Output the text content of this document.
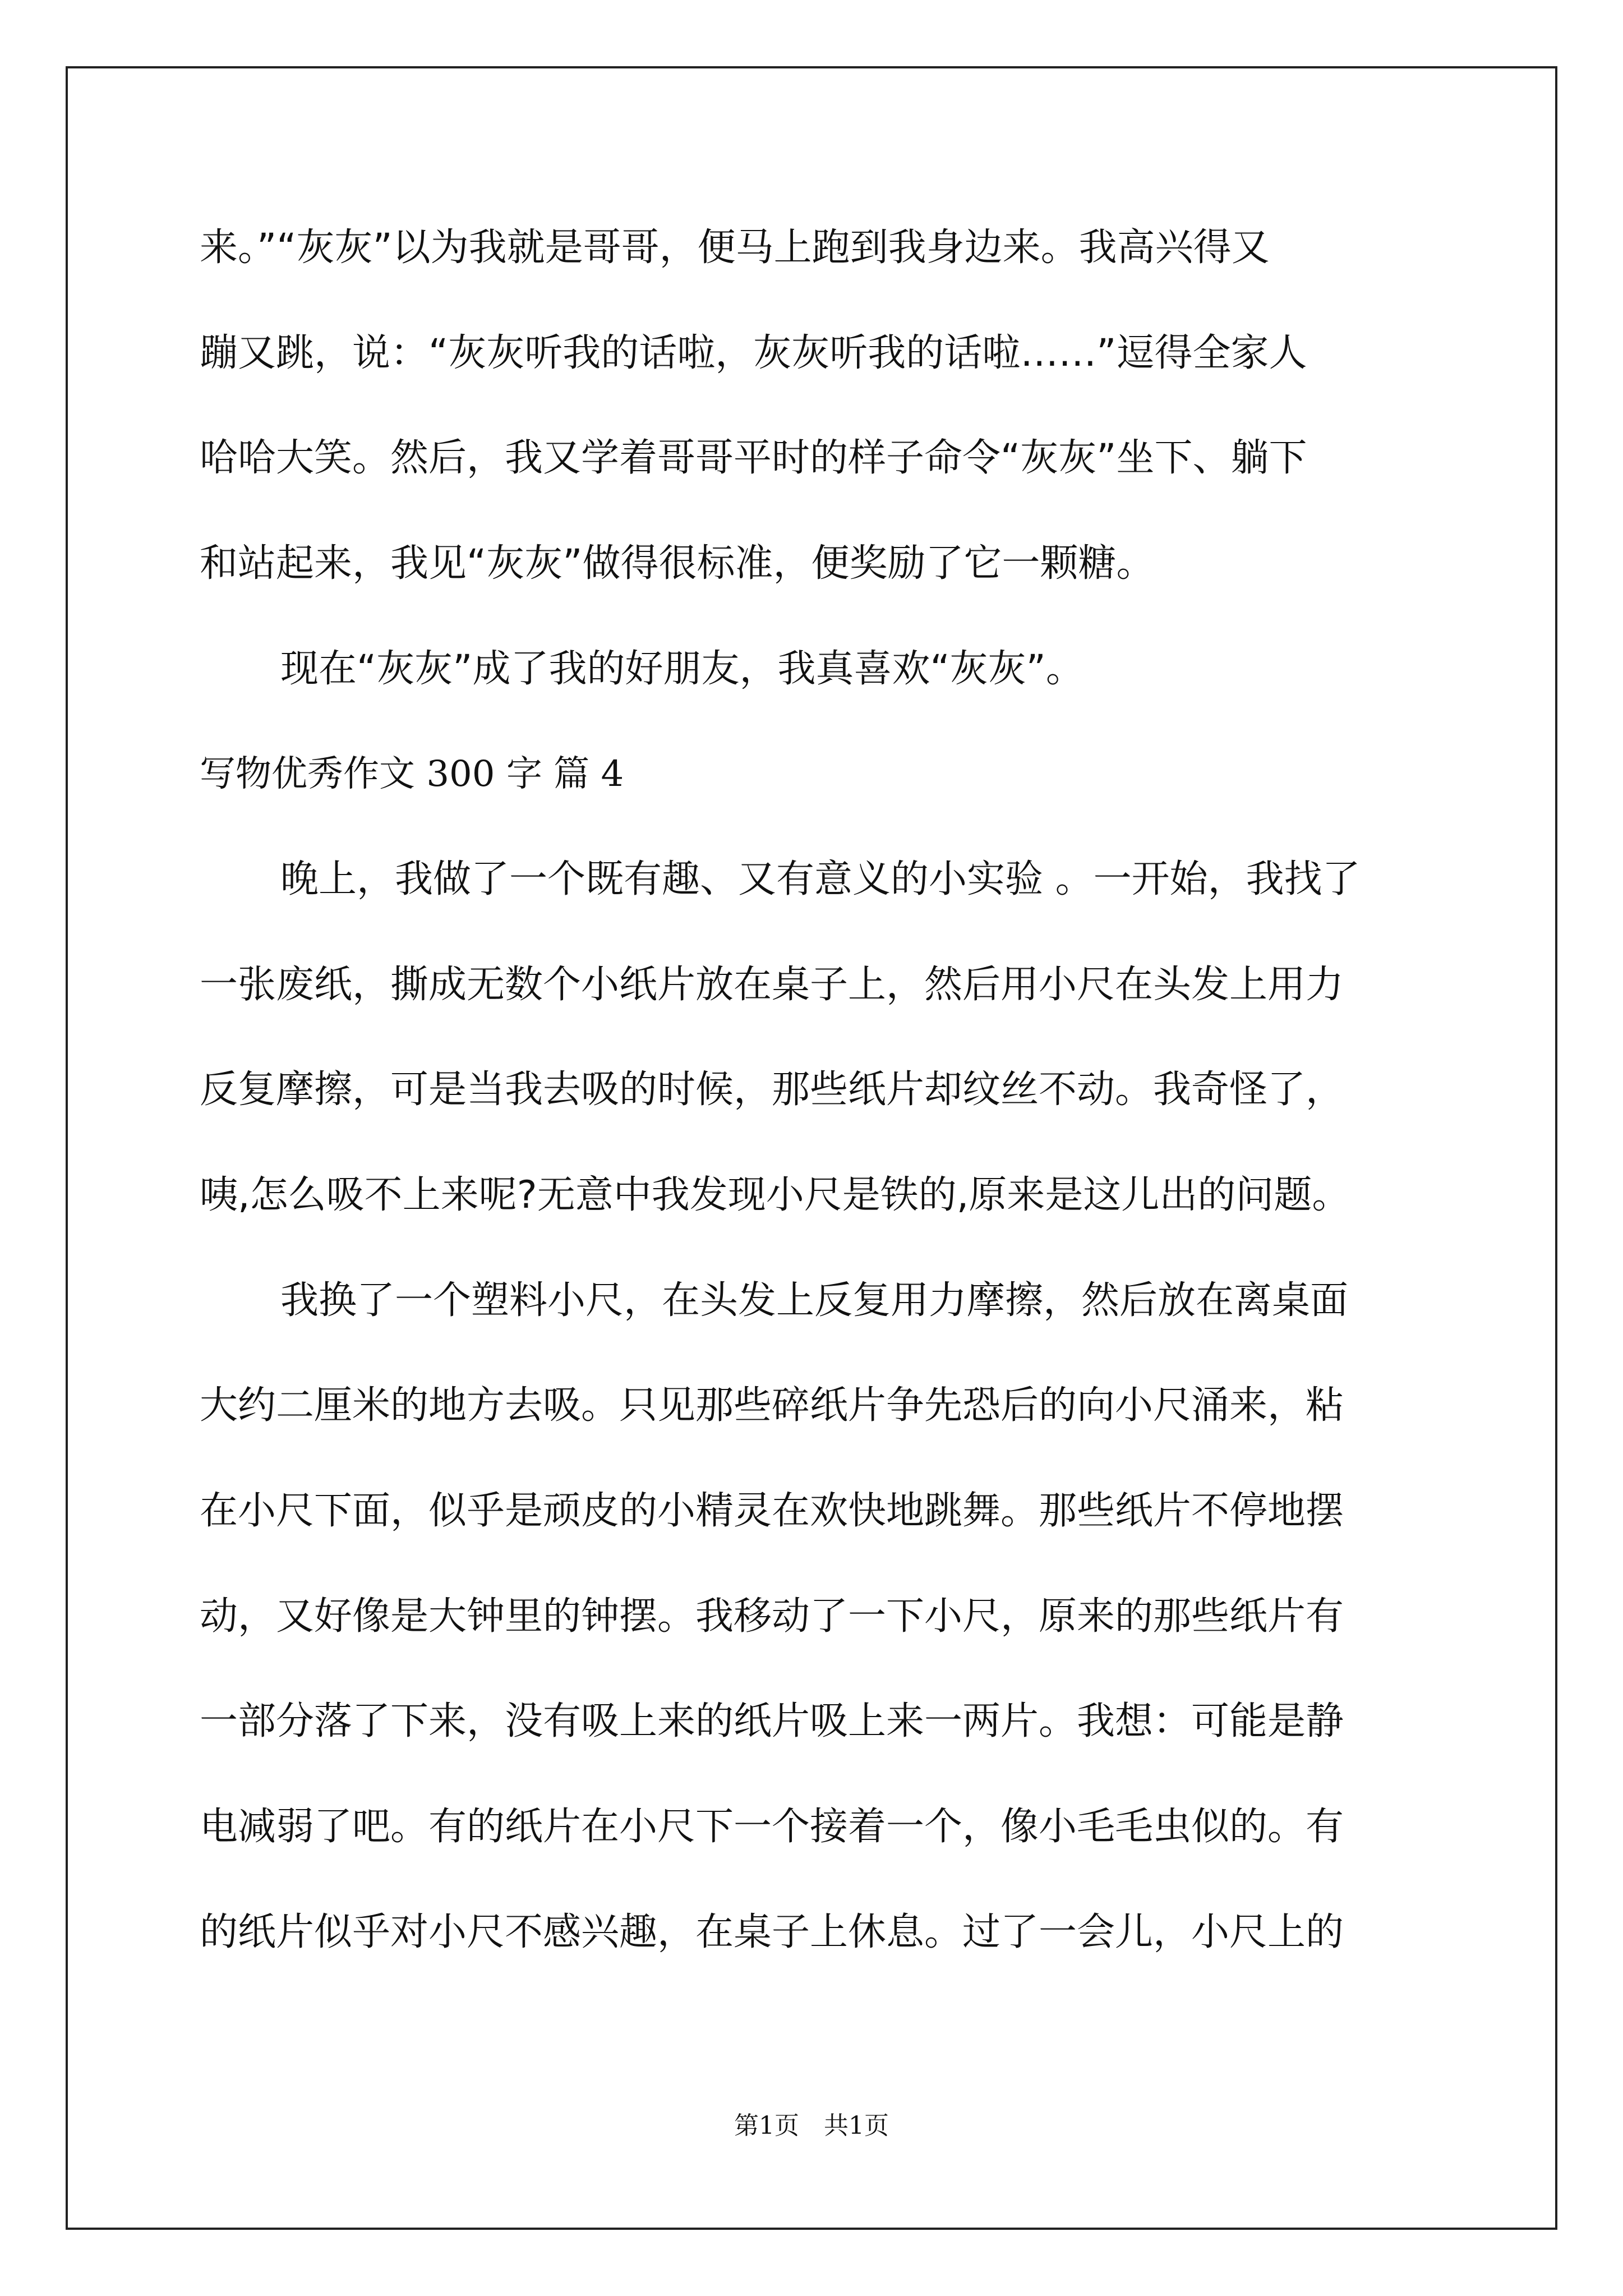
来。”“灰灰”以为我就是哥哥，便马上跑到我身边来。我高兴得又
蹦又跳，说：“灰灰听我的话啦，灰灰听我的话啦……”逗得全家人
哈哈大笑。然后，我又学着哥哥平时的样子命令“灰灰”坐下、躺下
和站起来，我见“灰灰”做得很标准，便奖励了它一颗糖。
现在“灰灰”成了我的好朋友，我真喜欢“灰灰”。
写物优秀作文 300 字 篇 4
晚上，我做了一个既有趣、又有意义的小实验 。一开始，我找了
一张废纸，撕成无数个小纸片放在桌子上，然后用小尺在头发上用力
反复摩擦，可是当我去吸的时候，那些纸片却纹丝不动。我奇怪了，
咦,怎么吸不上来呢?无意中我发现小尺是铁的,原来是这儿出的问题。
我换了一个塑料小尺，在头发上反复用力摩擦，然后放在离桌面
大约二厘米的地方去吸。只见那些碎纸片争先恐后的向小尺涌来，粘
在小尺下面，似乎是顽皮的小精灵在欢快地跳舞。那些纸片不停地摆
动，又好像是大钟里的钟摆。我移动了一下小尺，原来的那些纸片有
一部分落了下来，没有吸上来的纸片吸上来一两片。我想：可能是静
电减弱了吧。有的纸片在小尺下一个接着一个，像小毛毛虫似的。有
的纸片似乎对小尺不感兴趣，在桌子上休息。过了一会儿，小尺上的
第1页 共1页
